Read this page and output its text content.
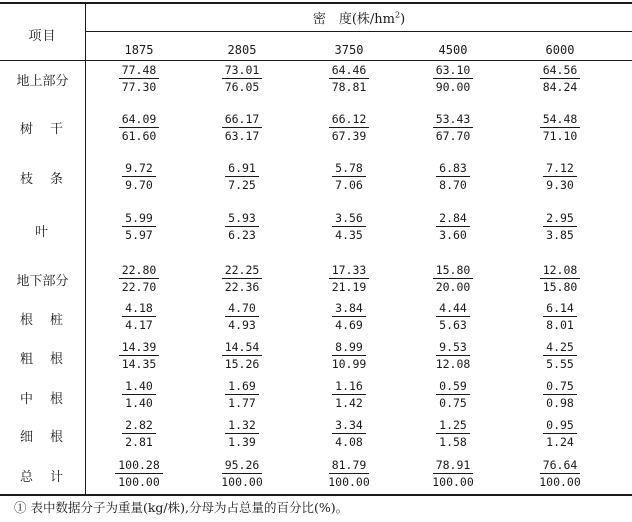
项目
密　度(株$/hm^2$)
1875	2805	3750	4500	6000
地上部分	$\frac{77.48}{77.30} \frac{73.01}{76.05} \frac{64.46}{78.81} \frac{63.10}{90.00} \frac{64.56}{84.24}$
树　干	$\frac{64.09}{61.60} \frac{66.17}{63.17} \frac{66.12}{67.39} \frac{53.43}{67.70} \frac{54.48}{71.10}$
枝　条	$\frac{9.72}{9.70} \frac{6.91}{7.25} \frac{5.78}{7.06} \frac{6.83}{8.70} \frac{7.12}{9.30}$
叶	$\frac{5.99}{5.97} \frac{5.93}{6.23} \frac{3.56}{4.35} \frac{2.84}{3.60} \frac{2.95}{3.85}$
地下部分	$\frac{22.80}{22.70} \frac{22.25}{22.36} \frac{17.33}{21.19} \frac{15.80}{20.00} \frac{12.08}{15.80}$
根　桩	$\frac{4.18}{4.17} \frac{4.70}{4.93} \frac{3.84}{4.69} \frac{4.44}{5.63} \frac{6.14}{8.01}$
粗　根	$\frac{14.39}{14.35} \frac{14.54}{15.26} \frac{8.99}{10.99} \frac{9.53}{12.08} \frac{4.25}{5.55}$
中　根	$\frac{1.40}{1.40} \frac{1.69}{1.77} \frac{1.16}{1.42} \frac{0.59}{0.75} \frac{0.75}{0.98}$
细　根	$\frac{2.82}{2.81} \frac{1.32}{1.39} \frac{3.34}{4.08} \frac{1.25}{1.58} \frac{0.95}{1.24}$
总　计	$\frac{100.28}{100.00} \frac{95.26}{100.00} \frac{81.79}{100.00} \frac{78.91}{100.00} \frac{76.64}{100.00}$
① 表中数据分子为重量(kg/株),分母为占总量的百分比(%)。
